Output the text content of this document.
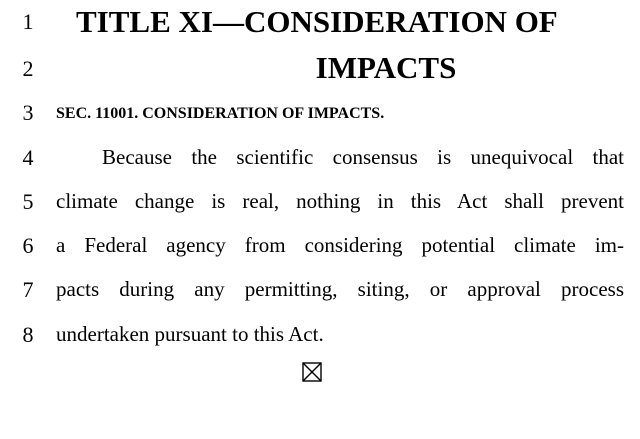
1
2
3
4
5
6
7
8
TITLE XI—CONSIDERATION OF
IMPACTS
SEC. 11001. CONSIDERATION OF IMPACTS.
Because the scientific consensus is unequivocal that
climate change is real, nothing in this Act shall prevent
a Federal agency from considering potential climate im-
pacts during any permitting, siting, or approval process
undertaken pursuant to this Act.
